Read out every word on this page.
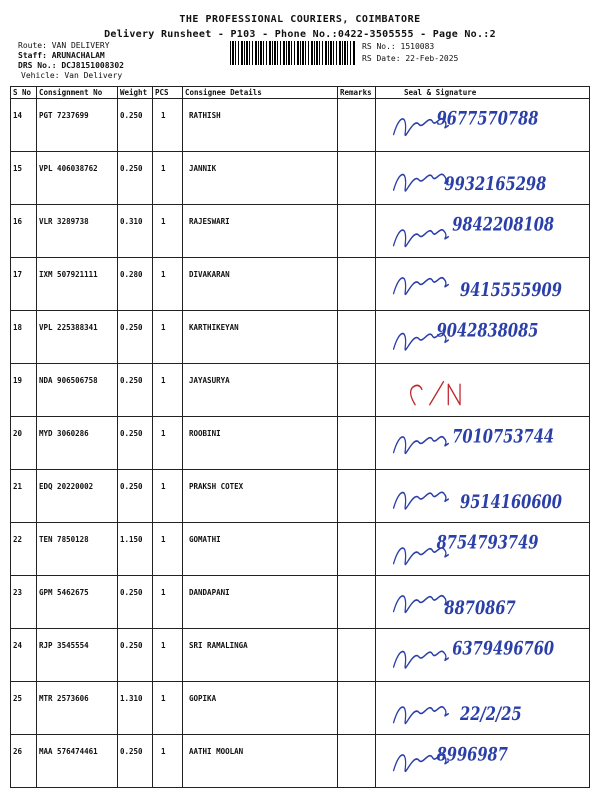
THE PROFESSIONAL COURIERS, COIMBATORE
Delivery Runsheet - P103 - Phone No.:0422-3505555 - Page No.:2
Route: VAN DELIVERY
Staff: ARUNACHALAM
DRS No.: DCJ8151008302
Vehicle: Van Delivery
RS No.: 1510083
RS Date: 22-Feb-2025
S No	Consignment No	Weight	PCS	Consignee Details	Remarks	Seal & Signature
14	PGT 7237699	0.250	1	RATHISH		9677570788

15	VPL 406038762	0.250	1	JANNIK		9932165298

16	VLR 3289738	0.310	1	RAJESWARI		9842208108

17	IXM 507921111	0.280	1	DIVAKARAN		9415555909

18	VPL 225388341	0.250	1	KARTHIKEYAN		9042838085

19	NDA 906506758	0.250	1	JAYASURYA		

20	MYD 3060286	0.250	1	ROOBINI		7010753744

21	EDQ 20220002	0.250	1	PRAKSH COTEX		9514160600

22	TEN 7850128	1.150	1	GOMATHI		8754793749

23	GPM 5462675	0.250	1	DANDAPANI		8870867

24	RJP 3545554	0.250	1	SRI RAMALINGA		6379496760

25	MTR 2573606	1.310	1	GOPIKA		22/2/25

26	MAA 576474461	0.250	1	AATHI MOOLAN		8996987
